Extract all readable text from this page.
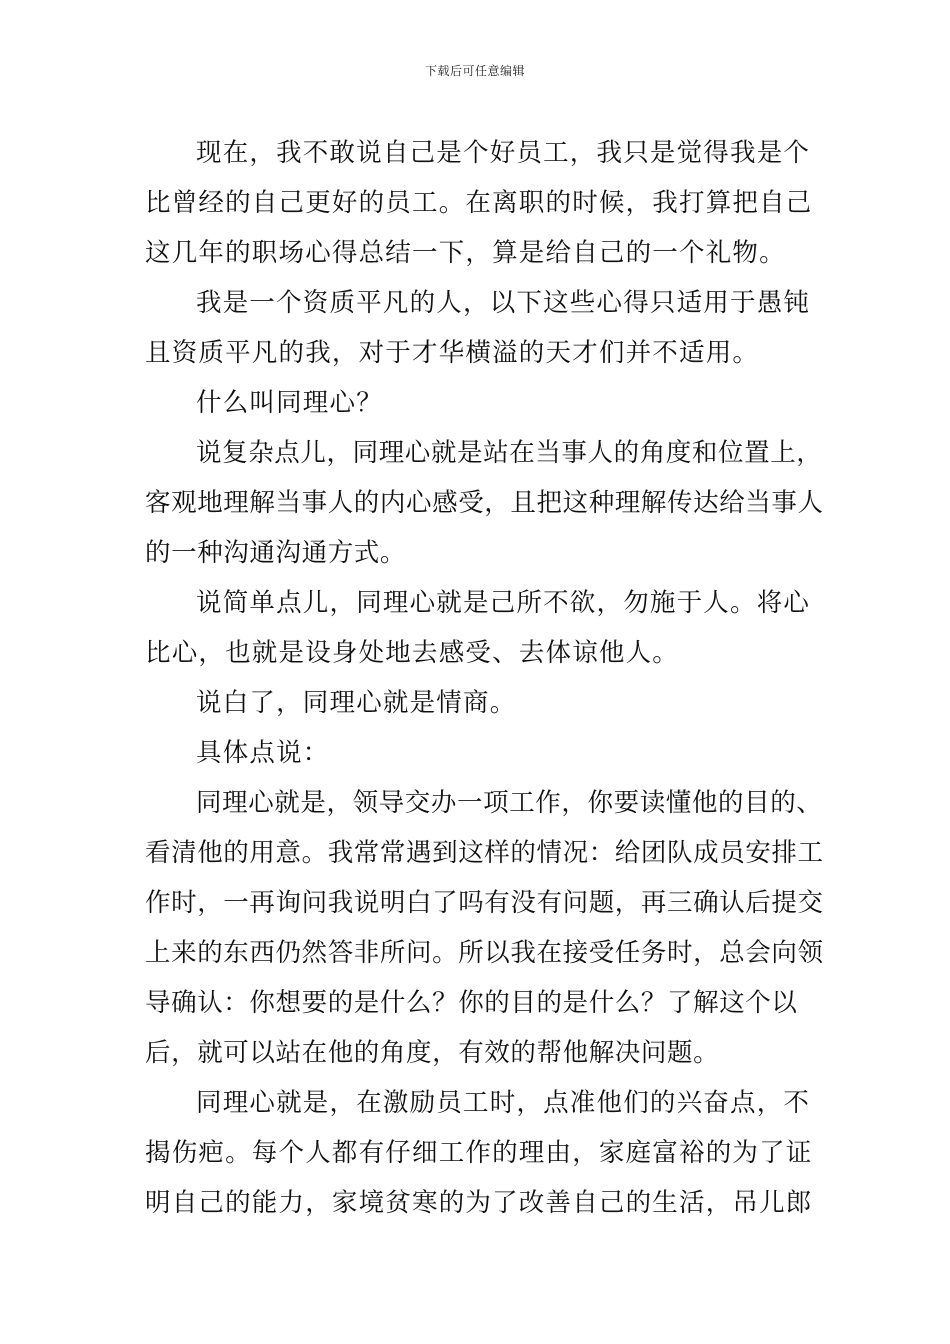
下载后可任意编辑

现在，我不敢说自己是个好员工，我只是觉得我是个比曾经的自己更好的员工。在离职的时候，我打算把自己这几年的职场心得总结一下，算是给自己的一个礼物。

我是一个资质平凡的人，以下这些心得只适用于愚钝且资质平凡的我，对于才华横溢的天才们并不适用。

什么叫同理心？

说复杂点儿，同理心就是站在当事人的角度和位置上，客观地理解当事人的内心感受，且把这种理解传达给当事人的一种沟通沟通方式。

说简单点儿，同理心就是己所不欲，勿施于人。将心比心，也就是设身处地去感受、去体谅他人。

说白了，同理心就是情商。

具体点说：

同理心就是，领导交办一项工作，你要读懂他的目的、看清他的用意。我常常遇到这样的情况：给团队成员安排工作时，一再询问我说明白了吗有没有问题，再三确认后提交上来的东西仍然答非所问。所以我在接受任务时，总会向领导确认：你想要的是什么？你的目的是什么？了解这个以后，就可以站在他的角度，有效的帮他解决问题。

同理心就是，在激励员工时，点准他们的兴奋点，不揭伤疤。每个人都有仔细工作的理由，家庭富裕的为了证明自己的能力，家境贫寒的为了改善自己的生活，吊儿郎
